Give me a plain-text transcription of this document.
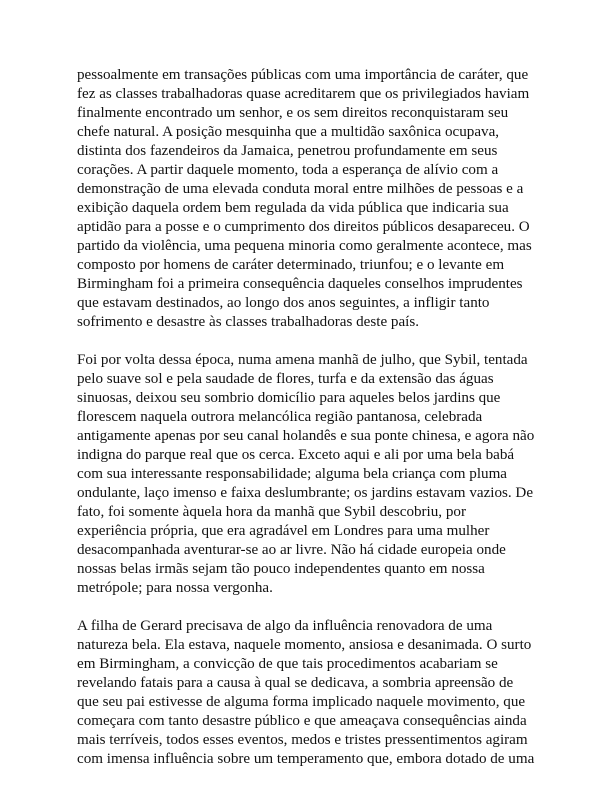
pessoalmente em transações públicas com uma importância de caráter, que
fez as classes trabalhadoras quase acreditarem que os privilegiados haviam
finalmente encontrado um senhor, e os sem direitos reconquistaram seu
chefe natural. A posição mesquinha que a multidão saxônica ocupava,
distinta dos fazendeiros da Jamaica, penetrou profundamente em seus
corações. A partir daquele momento, toda a esperança de alívio com a
demonstração de uma elevada conduta moral entre milhões de pessoas e a
exibição daquela ordem bem regulada da vida pública que indicaria sua
aptidão para a posse e o cumprimento dos direitos públicos desapareceu. O
partido da violência, uma pequena minoria como geralmente acontece, mas
composto por homens de caráter determinado, triunfou; e o levante em
Birmingham foi a primeira consequência daqueles conselhos imprudentes
que estavam destinados, ao longo dos anos seguintes, a infligir tanto
sofrimento e desastre às classes trabalhadoras deste país.

Foi por volta dessa época, numa amena manhã de julho, que Sybil, tentada
pelo suave sol e pela saudade de flores, turfa e da extensão das águas
sinuosas, deixou seu sombrio domicílio para aqueles belos jardins que
florescem naquela outrora melancólica região pantanosa, celebrada
antigamente apenas por seu canal holandês e sua ponte chinesa, e agora não
indigna do parque real que os cerca. Exceto aqui e ali por uma bela babá
com sua interessante responsabilidade; alguma bela criança com pluma
ondulante, laço imenso e faixa deslumbrante; os jardins estavam vazios. De
fato, foi somente àquela hora da manhã que Sybil descobriu, por
experiência própria, que era agradável em Londres para uma mulher
desacompanhada aventurar-se ao ar livre. Não há cidade europeia onde
nossas belas irmãs sejam tão pouco independentes quanto em nossa
metrópole; para nossa vergonha.

A filha de Gerard precisava de algo da influência renovadora de uma
natureza bela. Ela estava, naquele momento, ansiosa e desanimada. O surto
em Birmingham, a convicção de que tais procedimentos acabariam se
revelando fatais para a causa à qual se dedicava, a sombria apreensão de
que seu pai estivesse de alguma forma implicado naquele movimento, que
começara com tanto desastre público e que ameaçava consequências ainda
mais terríveis, todos esses eventos, medos e tristes pressentimentos agiram
com imensa influência sobre um temperamento que, embora dotado de uma
